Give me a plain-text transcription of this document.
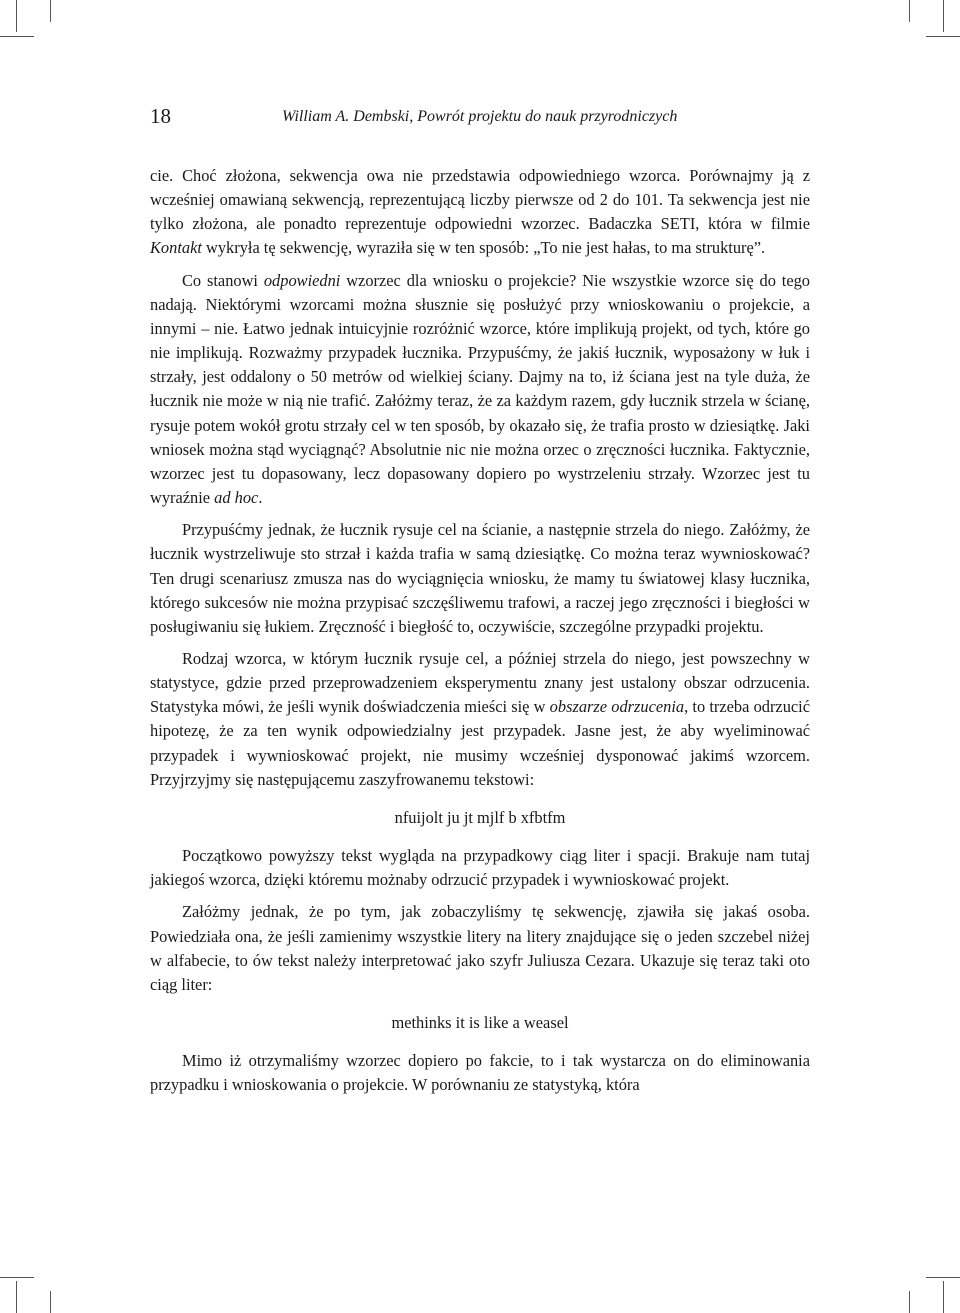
18	William A. Dembski, Powrót projektu do nauk przyrodniczych

cie. Choć złożona, sekwencja owa nie przedstawia odpowiedniego wzorca. Porównajmy ją z wcześniej omawianą sekwencją, reprezentującą liczby pierwsze od 2 do 101. Ta sekwencja jest nie tylko złożona, ale ponadto reprezentuje odpowiedni wzorzec. Badaczka SETI, która w filmie Kontakt wykryła tę sekwencję, wyraziła się w ten sposób: „To nie jest hałas, to ma strukturę”.

Co stanowi odpowiedni wzorzec dla wniosku o projekcie? Nie wszystkie wzorce się do tego nadają. Niektórymi wzorcami można słusznie się posłużyć przy wnioskowaniu o projekcie, a innymi – nie. Łatwo jednak intuicyjnie rozróżnić wzorce, które implikują projekt, od tych, które go nie implikują. Rozważmy przypadek łucznika. Przypuśćmy, że jakiś łucznik, wyposażony w łuk i strzały, jest oddalony o 50 metrów od wielkiej ściany. Dajmy na to, iż ściana jest na tyle duża, że łucznik nie może w nią nie trafić. Załóżmy teraz, że za każdym razem, gdy łucznik strzela w ścianę, rysuje potem wokół grotu strzały cel w ten sposób, by okazało się, że trafia prosto w dziesiątkę. Jaki wniosek można stąd wyciągnąć? Absolutnie nic nie można orzec o zręczności łucznika. Faktycznie, wzorzec jest tu dopasowany, lecz dopasowany dopiero po wystrzeleniu strzały. Wzorzec jest tu wyraźnie ad hoc.

Przypuśćmy jednak, że łucznik rysuje cel na ścianie, a następnie strzela do niego. Załóżmy, że łucznik wystrzeliwuje sto strzał i każda trafia w samą dziesiątkę. Co można teraz wywnioskować? Ten drugi scenariusz zmusza nas do wyciągnięcia wniosku, że mamy tu światowej klasy łucznika, którego sukcesów nie można przypisać szczęśliwemu trafowi, a raczej jego zręczności i biegłości w posługiwaniu się łukiem. Zręczność i biegłość to, oczywiście, szczególne przypadki projektu.

Rodzaj wzorca, w którym łucznik rysuje cel, a później strzela do niego, jest powszechny w statystyce, gdzie przed przeprowadzeniem eksperymentu znany jest ustalony obszar odrzucenia. Statystyka mówi, że jeśli wynik doświadczenia mieści się w obszarze odrzucenia, to trzeba odrzucić hipotezę, że za ten wynik odpowiedzialny jest przypadek. Jasne jest, że aby wyeliminować przypadek i wywnioskować projekt, nie musimy wcześniej dysponować jakimś wzorcem. Przyjrzyjmy się następującemu zaszyfrowanemu tekstowi:

nfuijolt ju jt mjlf b xfbtfm

Początkowo powyższy tekst wygląda na przypadkowy ciąg liter i spacji. Brakuje nam tutaj jakiegoś wzorca, dzięki któremu możnaby odrzucić przypadek i wywnioskować projekt.

Załóżmy jednak, że po tym, jak zobaczyliśmy tę sekwencję, zjawiła się jakaś osoba. Powiedziała ona, że jeśli zamienimy wszystkie litery na litery znajdujące się o jeden szczebel niżej w alfabecie, to ów tekst należy interpretować jako szyfr Juliusza Cezara. Ukazuje się teraz taki oto ciąg liter:

methinks it is like a weasel

Mimo iż otrzymaliśmy wzorzec dopiero po fakcie, to i tak wystarcza on do eliminowania przypadku i wnioskowania o projekcie. W porównaniu ze statystyką, która
